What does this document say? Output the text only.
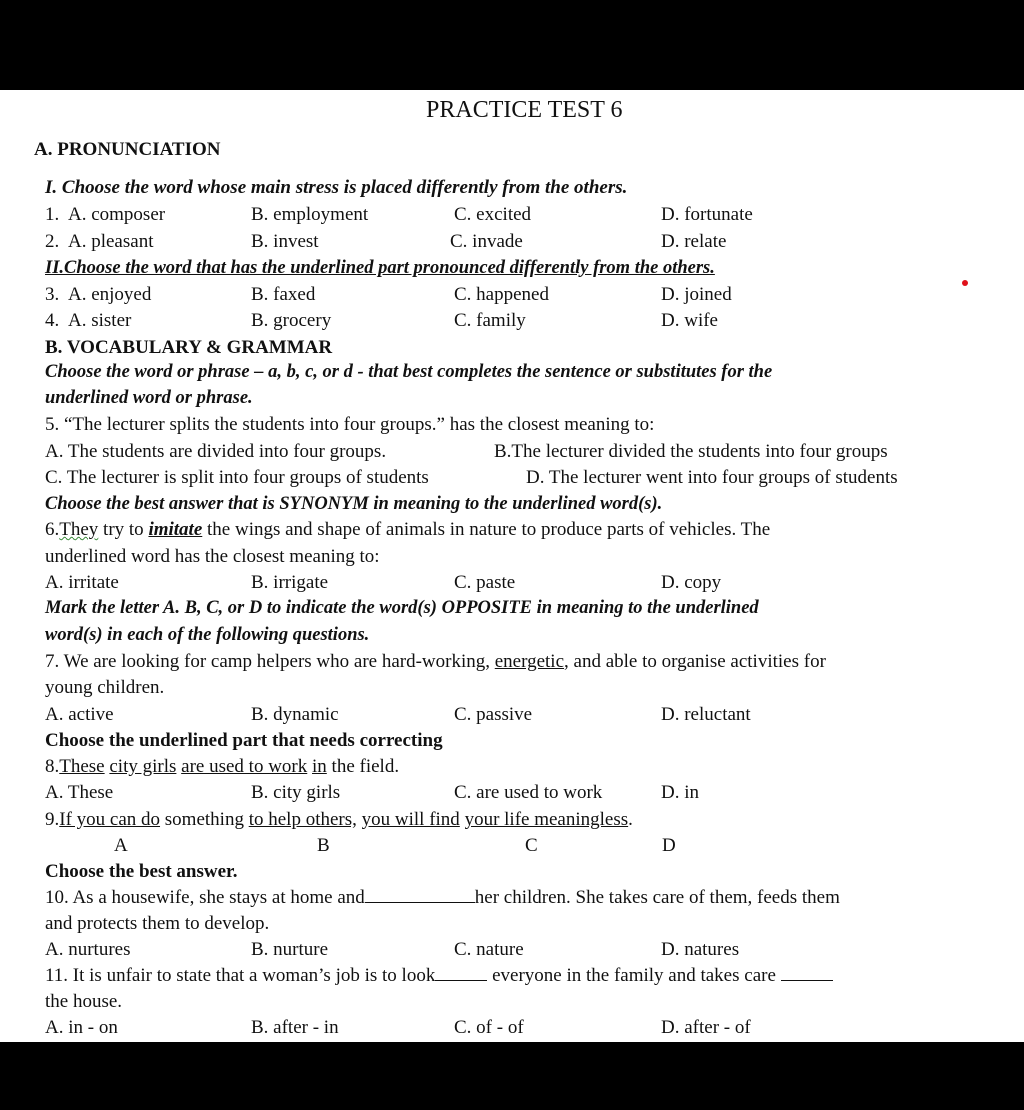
PRACTICE TEST 6
A. PRONUNCIATION
I. Choose the word whose main stress is placed differently from the others.
1. A. composer	B. employment	C. excited	D. fortunate
2. A. pleasant	B. invest	C. invade	D. relate
II.Choose the word that has the underlined part pronounced differently from the others.
3. A. enjoyed	B. faxed	C. happened	D. joined
4. A. sister	B. grocery	C. family	D. wife
B. VOCABULARY & GRAMMAR
Choose the word or phrase – a, b, c, or d - that best completes the sentence or substitutes for the
underlined word or phrase.
5. “The lecturer splits the students into four groups.” has the closest meaning to:
A. The students are divided into four groups.	B.The lecturer divided the students into four groups
C. The lecturer is split into four groups of students	D. The lecturer went into four groups of students
Choose the best answer that is SYNONYM in meaning to the underlined word(s).
6.They try to imitate the wings and shape of animals in nature to produce parts of vehicles. The
underlined word has the closest meaning to:
A. irritate	B. irrigate	C. paste	D. copy
Mark the letter A. B, C, or D to indicate the word(s) OPPOSITE in meaning to the underlined
word(s) in each of the following questions.
7. We are looking for camp helpers who are hard-working, energetic, and able to organise activities for
young children.
A. active	B. dynamic	C. passive	D. reluctant
Choose the underlined part that needs correcting
8.These city girls are used to work in the field.
A. These	B. city girls	C. are used to work	D. in
9.If you can do something to help others, you will find your life meaningless.
A	B	C	D
Choose the best answer.
10. As a housewife, she stays at home and	her children. She takes care of them, feeds them
and protects them to develop.
A. nurtures	B. nurture	C. nature	D. natures
11. It is unfair to state that a woman’s job is to look	everyone in the family and takes care
the house.
A. in - on	B. after - in	C. of - of	D. after - of
